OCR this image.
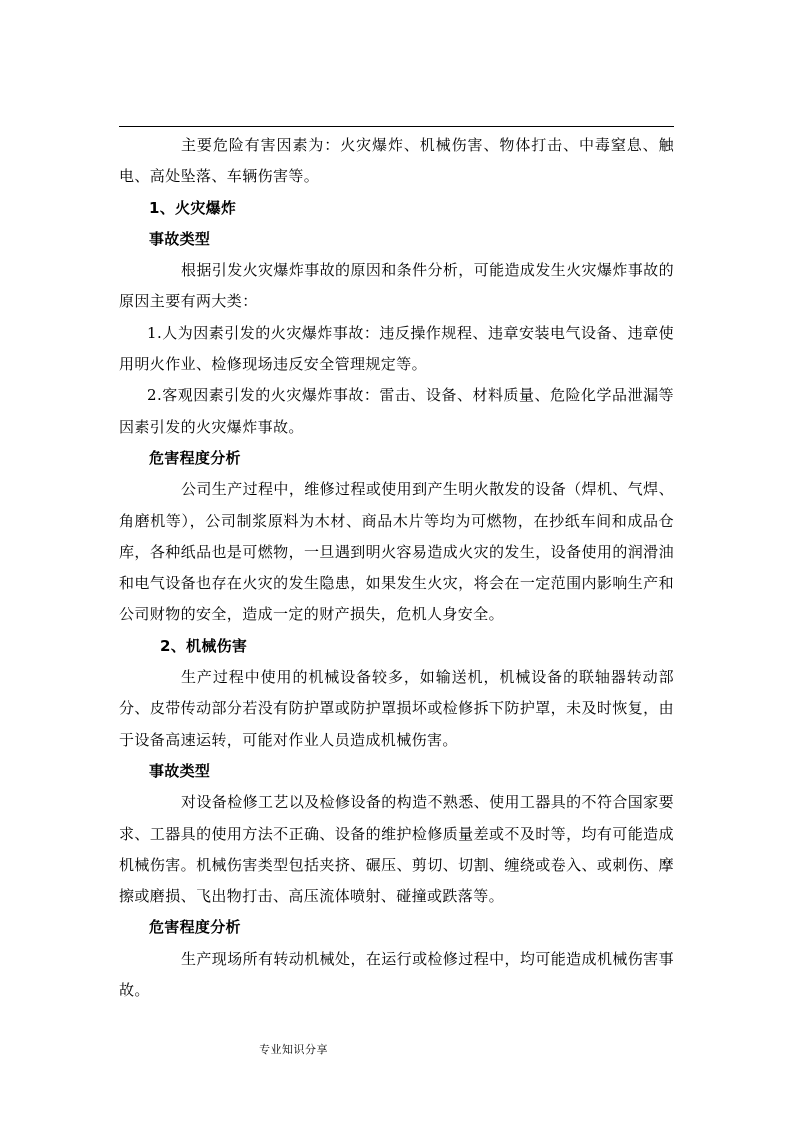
主要危险有害因素为：火灾爆炸、机械伤害、物体打击、中毒窒息、触电、高处坠落、车辆伤害等。

1、火灾爆炸

事故类型

根据引发火灾爆炸事故的原因和条件分析，可能造成发生火灾爆炸事故的原因主要有两大类：

1.人为因素引发的火灾爆炸事故：违反操作规程、违章安装电气设备、违章使用明火作业、检修现场违反安全管理规定等。

2.客观因素引发的火灾爆炸事故：雷击、设备、材料质量、危险化学品泄漏等因素引发的火灾爆炸事故。

危害程度分析

公司生产过程中，维修过程或使用到产生明火散发的设备（焊机、气焊、角磨机等），公司制浆原料为木材、商品木片等均为可燃物，在抄纸车间和成品仓库，各种纸品也是可燃物，一旦遇到明火容易造成火灾的发生，设备使用的润滑油和电气设备也存在火灾的发生隐患，如果发生火灾，将会在一定范围内影响生产和公司财物的安全，造成一定的财产损失，危机人身安全。

2、机械伤害

生产过程中使用的机械设备较多，如输送机，机械设备的联轴器转动部分、皮带传动部分若没有防护罩或防护罩损坏或检修拆下防护罩，未及时恢复，由于设备高速运转，可能对作业人员造成机械伤害。

事故类型

对设备检修工艺以及检修设备的构造不熟悉、使用工器具的不符合国家要求、工器具的使用方法不正确、设备的维护检修质量差或不及时等，均有可能造成机械伤害。机械伤害类型包括夹挤、碾压、剪切、切割、缠绕或卷入、或刺伤、摩擦或磨损、飞出物打击、高压流体喷射、碰撞或跌落等。

危害程度分析

生产现场所有转动机械处，在运行或检修过程中，均可能造成机械伤害事故。

专业知识分享
